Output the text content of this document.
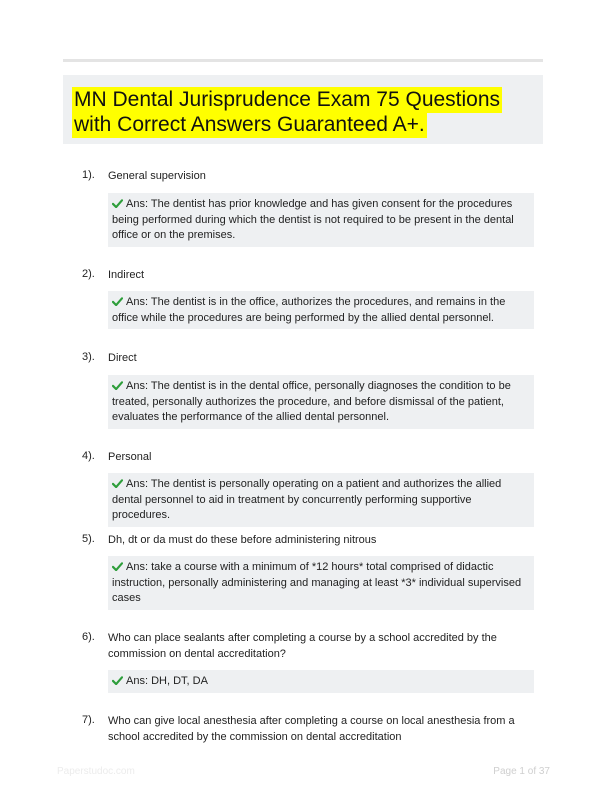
MN Dental Jurisprudence Exam 75 Questions
with Correct Answers Guaranteed A+.
1). General supervision
Ans: The dentist has prior knowledge and has given consent for the procedures being performed during which the dentist is not required to be present in the dental office or on the premises.
2). Indirect
Ans: The dentist is in the office, authorizes the procedures, and remains in the office while the procedures are being performed by the allied dental personnel.
3). Direct
Ans: The dentist is in the dental office, personally diagnoses the condition to be treated, personally authorizes the procedure, and before dismissal of the patient, evaluates the performance of the allied dental personnel.
4). Personal
Ans: The dentist is personally operating on a patient and authorizes the allied dental personnel to aid in treatment by concurrently performing supportive procedures.
5). Dh, dt or da must do these before administering nitrous
Ans: take a course with a minimum of *12 hours* total comprised of didactic instruction, personally administering and managing at least *3* individual supervised cases
6). Who can place sealants after completing a course by a school accredited by the commission on dental accreditation?
Ans: DH, DT, DA
7). Who can give local anesthesia after completing a course on local anesthesia from a school accredited by the commission on dental accreditation
Paperstudoc.com	Page 1 of 37
